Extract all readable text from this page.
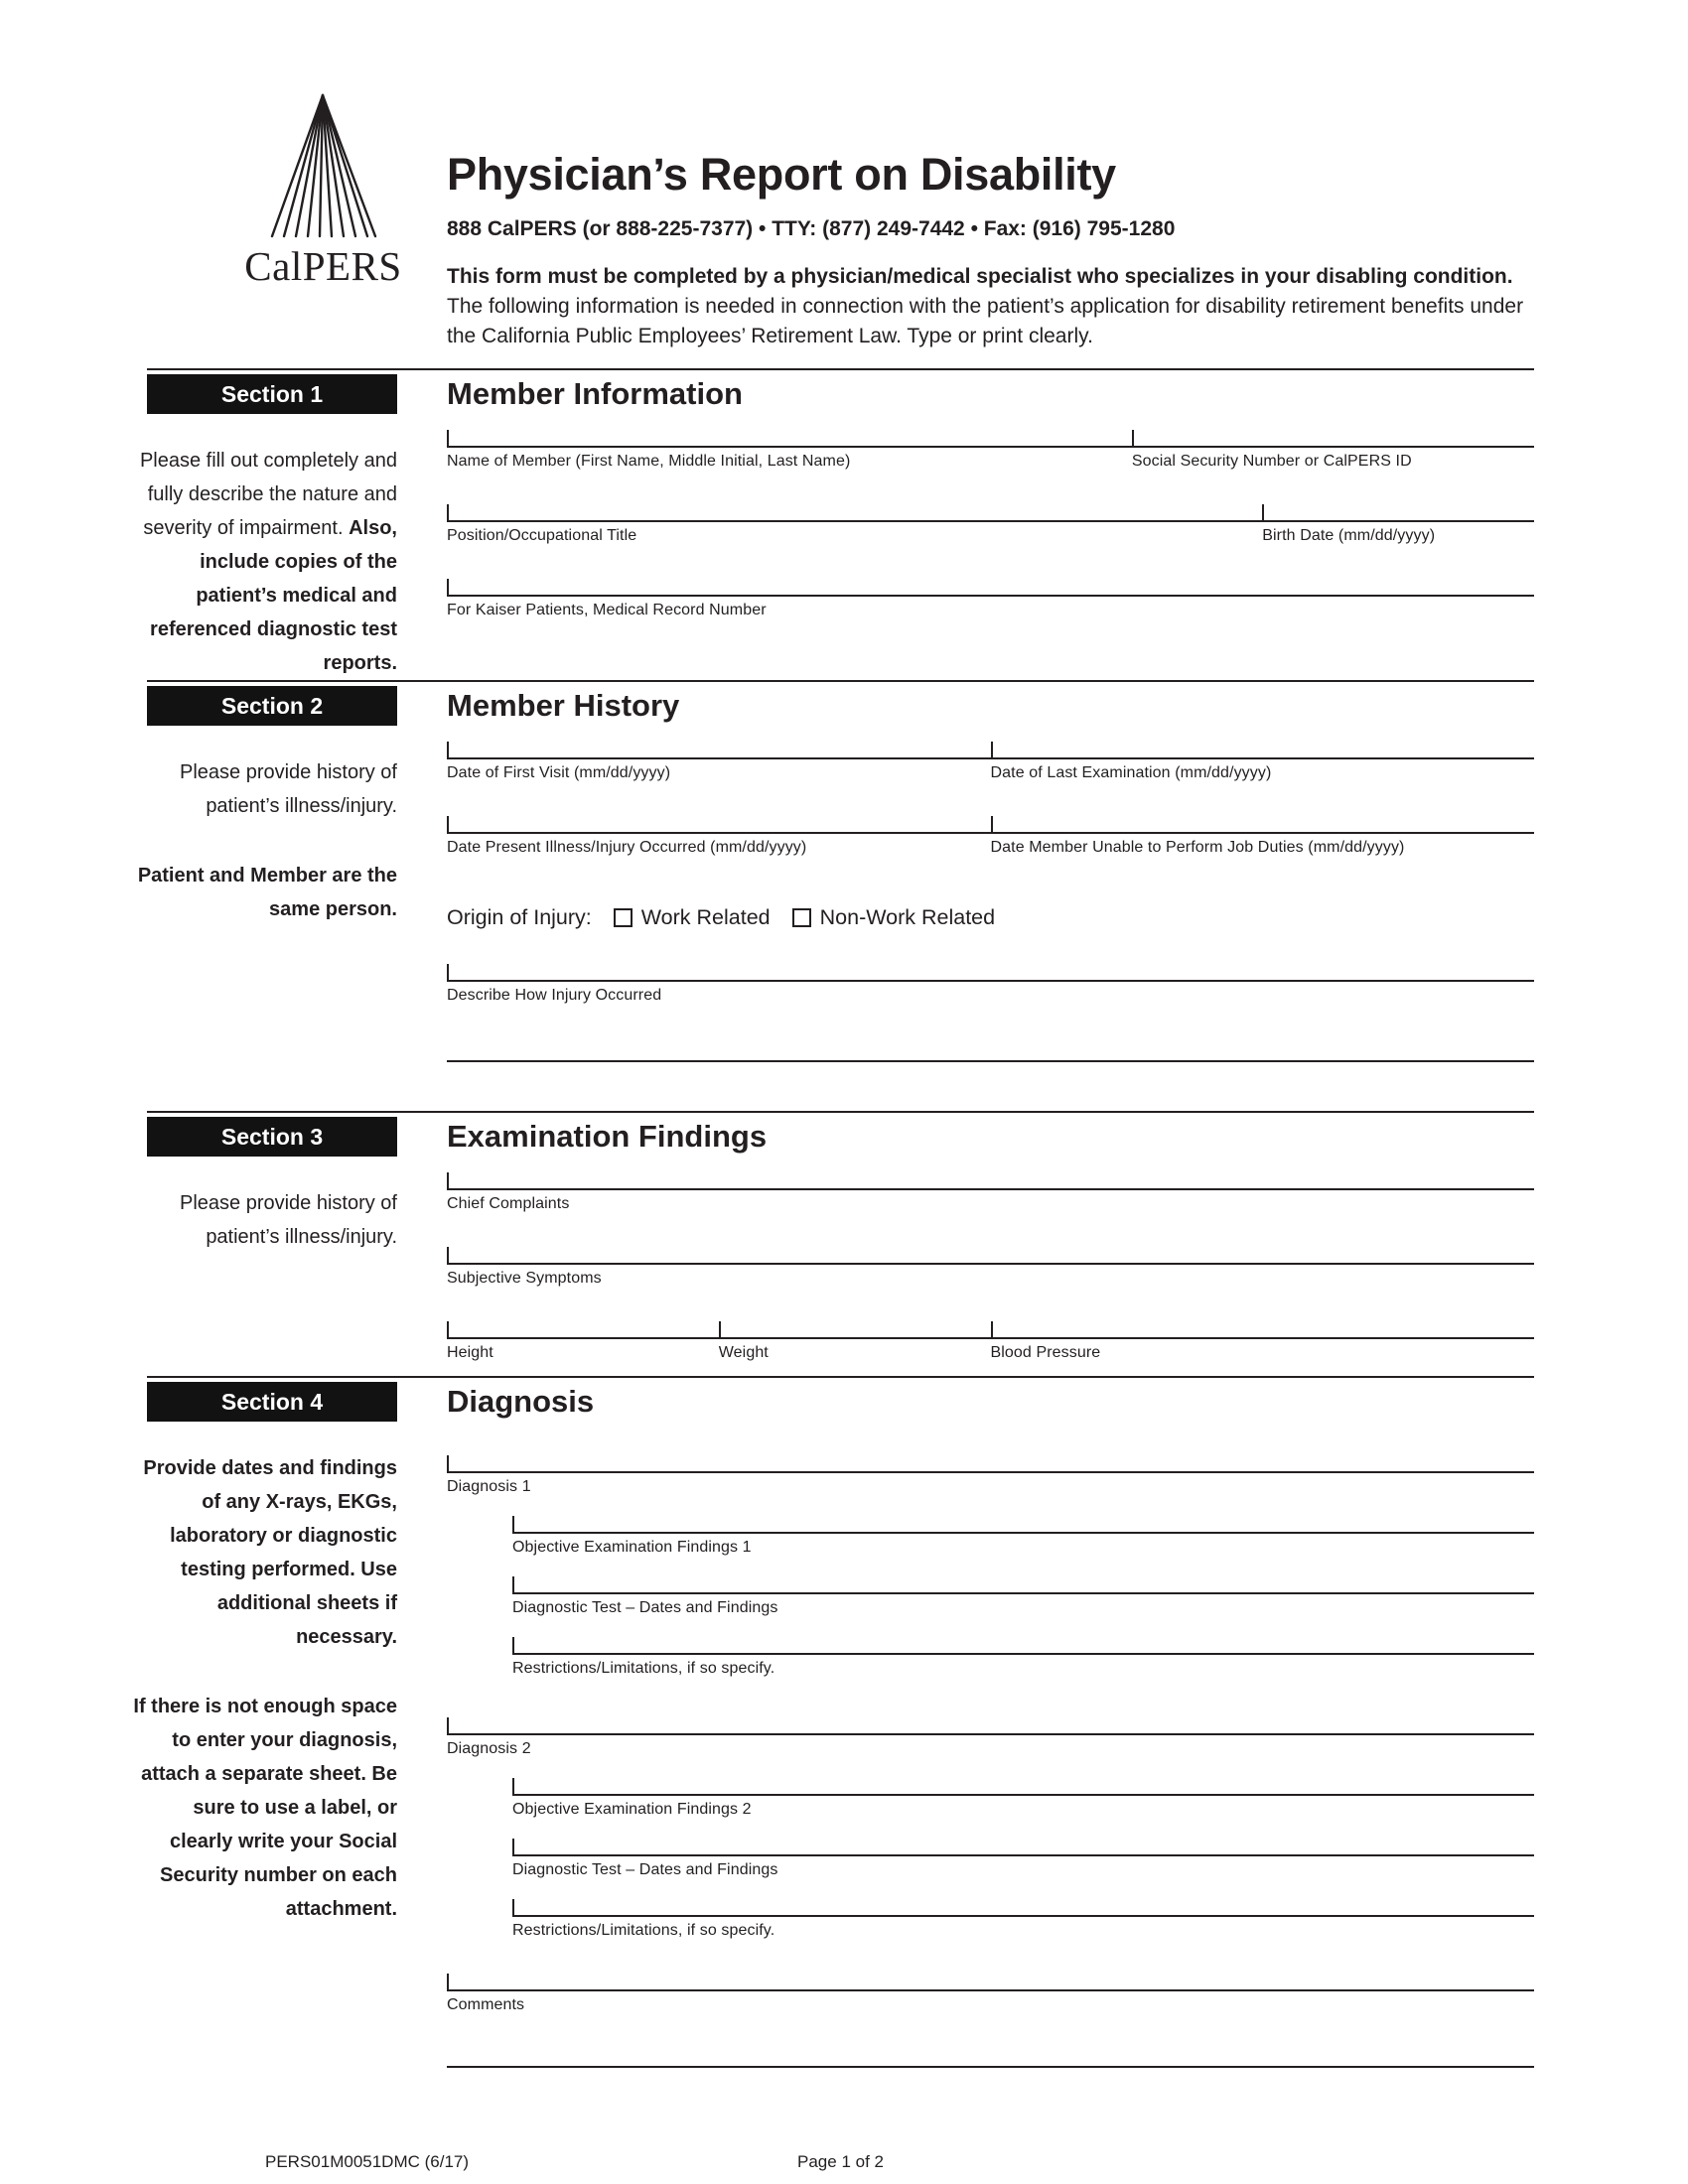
CalPERS
Physician’s Report on Disability
888 CalPERS (or 888-225-7377) • TTY: (877) 249-7442 • Fax: (916) 795-1280
This form must be completed by a physician/medical specialist who specializes in your disabling condition.
The following information is needed in connection with the patient’s application for disability retirement benefits under the California Public Employees’ Retirement Law. Type or print clearly.
Section 1	Member Information

Please fill out completely and fully describe the nature and severity of impairment. Also, include copies of the patient’s medical and referenced diagnostic test reports.

Name of Member (First Name, Middle Initial, Last Name)	Social Security Number or CalPERS ID
Position/Occupational Title	Birth Date (mm/dd/yyyy)
For Kaiser Patients, Medical Record Number
Section 2	Member History

Please provide history of patient’s illness/injury.

Patient and Member are the same person.

Date of First Visit (mm/dd/yyyy)	Date of Last Examination (mm/dd/yyyy)
Date Present Illness/Injury Occurred (mm/dd/yyyy)	Date Member Unable to Perform Job Duties (mm/dd/yyyy)
Origin of Injury: Work Related Non-Work Related
Describe How Injury Occurred
Section 3	Examination Findings

Please provide history of patient’s illness/injury.

Chief Complaints
Subjective Symptoms
Height	Weight	Blood Pressure
Section 4	Diagnosis

Provide dates and findings of any X-rays, EKGs, laboratory or diagnostic testing performed. Use additional sheets if necessary.

If there is not enough space to enter your diagnosis, attach a separate sheet. Be sure to use a label, or clearly write your Social Security number on each attachment.

Diagnosis 1
Objective Examination Findings 1
Diagnostic Test – Dates and Findings
Restrictions/Limitations, if so specify.
Diagnosis 2
Objective Examination Findings 2
Diagnostic Test – Dates and Findings
Restrictions/Limitations, if so specify.
Comments
PERS01M0051DMC (6/17)	Page 1 of 2
